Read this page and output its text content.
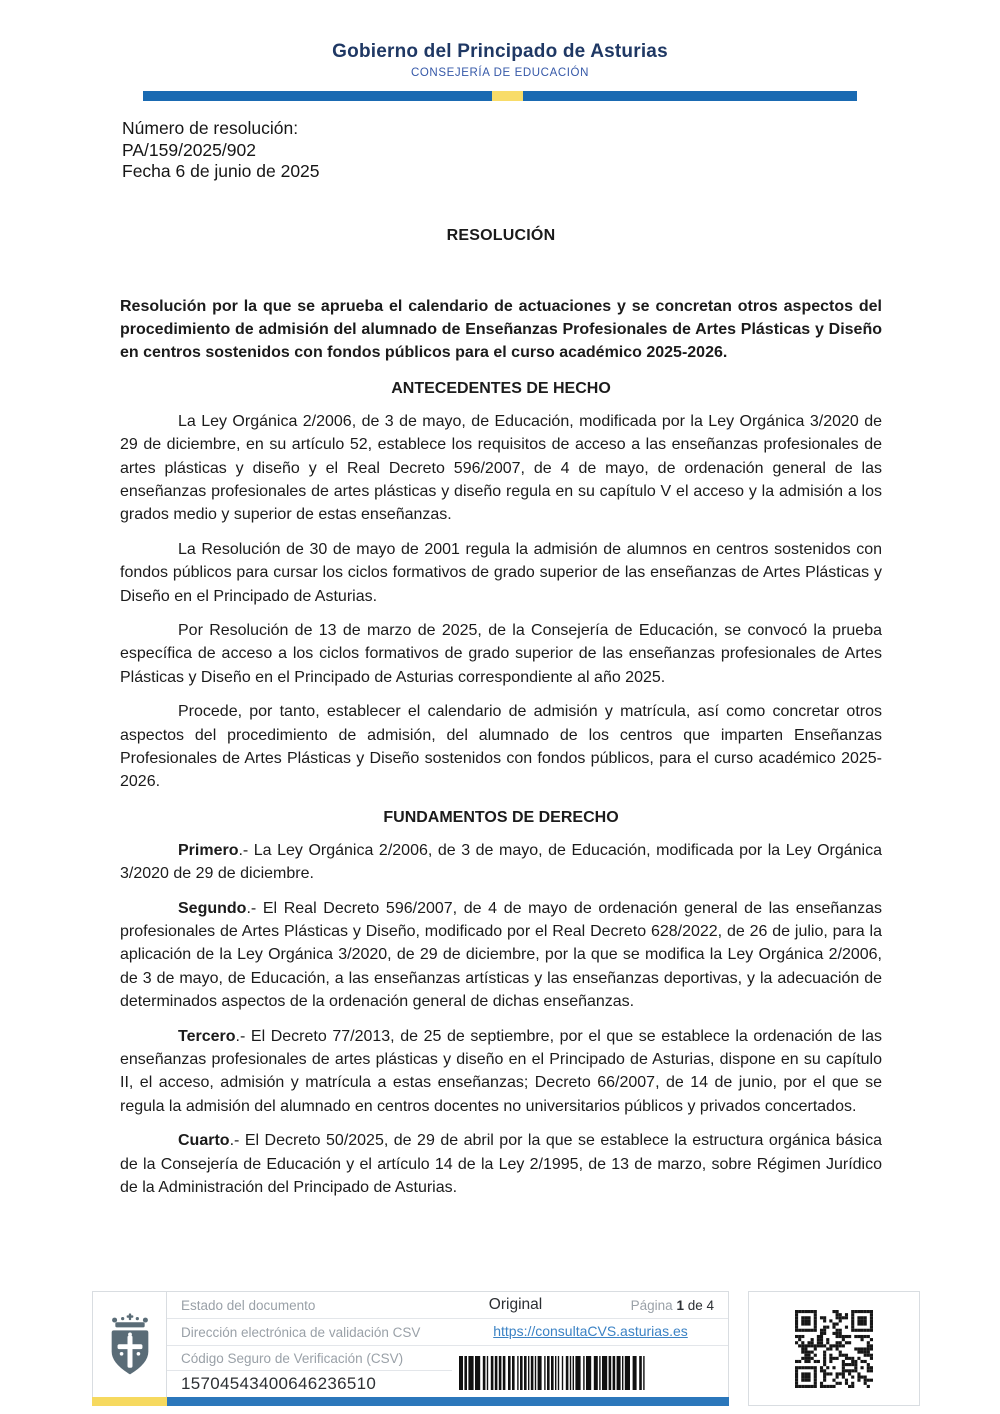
Gobierno del Principado de Asturias
CONSEJERÍA DE EDUCACIÓN
Número de resolución:
PA/159/2025/902
Fecha 6 de junio de 2025
RESOLUCIÓN

Resolución por la que se aprueba el calendario de actuaciones y se concretan otros aspectos del procedimiento de admisión del alumnado de Enseñanzas Profesionales de Artes Plásticas y Diseño en centros sostenidos con fondos públicos para el curso académico 2025-2026.

ANTECEDENTES DE HECHO

La Ley Orgánica 2/2006, de 3 de mayo, de Educación, modificada por la Ley Orgánica 3/2020 de 29 de diciembre, en su artículo 52, establece los requisitos de acceso a las enseñanzas profesionales de artes plásticas y diseño y el Real Decreto 596/2007, de 4 de mayo, de ordenación general de las enseñanzas profesionales de artes plásticas y diseño regula en su capítulo V el acceso y la admisión a los grados medio y superior de estas enseñanzas.

La Resolución de 30 de mayo de 2001 regula la admisión de alumnos en centros sostenidos con fondos públicos para cursar los ciclos formativos de grado superior de las enseñanzas de Artes Plásticas y Diseño en el Principado de Asturias.

Por Resolución de 13 de marzo de 2025, de la Consejería de Educación, se convocó la prueba específica de acceso a los ciclos formativos de grado superior de las enseñanzas profesionales de Artes Plásticas y Diseño en el Principado de Asturias correspondiente al año 2025.

Procede, por tanto, establecer el calendario de admisión y matrícula, así como concretar otros aspectos del procedimiento de admisión, del alumnado de los centros que imparten Enseñanzas Profesionales de Artes Plásticas y Diseño sostenidos con fondos públicos, para el curso académico 2025- 2026.

FUNDAMENTOS DE DERECHO

Primero.- La Ley Orgánica 2/2006, de 3 de mayo, de Educación, modificada por la Ley Orgánica 3/2020 de 29 de diciembre.

Segundo.- El Real Decreto 596/2007, de 4 de mayo de ordenación general de las enseñanzas profesionales de Artes Plásticas y Diseño, modificado por el Real Decreto 628/2022, de 26 de julio, para la aplicación de la Ley Orgánica 3/2020, de 29 de diciembre, por la que se modifica la Ley Orgánica 2/2006, de 3 de mayo, de Educación, a las enseñanzas artísticas y las enseñanzas deportivas, y la adecuación de determinados aspectos de la ordenación general de dichas enseñanzas.

Tercero.- El Decreto 77/2013, de 25 de septiembre, por el que se establece la ordenación de las enseñanzas profesionales de artes plásticas y diseño en el Principado de Asturias, dispone en su capítulo II, el acceso, admisión y matrícula a estas enseñanzas; Decreto 66/2007, de 14 de junio, por el que se regula la admisión del alumnado en centros docentes no universitarios públicos y privados concertados.

Cuarto.- El Decreto 50/2025, de 29 de abril por la que se establece la estructura orgánica básica de la Consejería de Educación y el artículo 14 de la Ley 2/1995, de 13 de marzo, sobre Régimen Jurídico de la Administración del Principado de Asturias.

Estado del documento	Original	Página 1 de 4
Dirección electrónica de validación CSV	https://consultaCVS.asturias.es
Código Seguro de Verificación (CSV)
15704543400646236510
